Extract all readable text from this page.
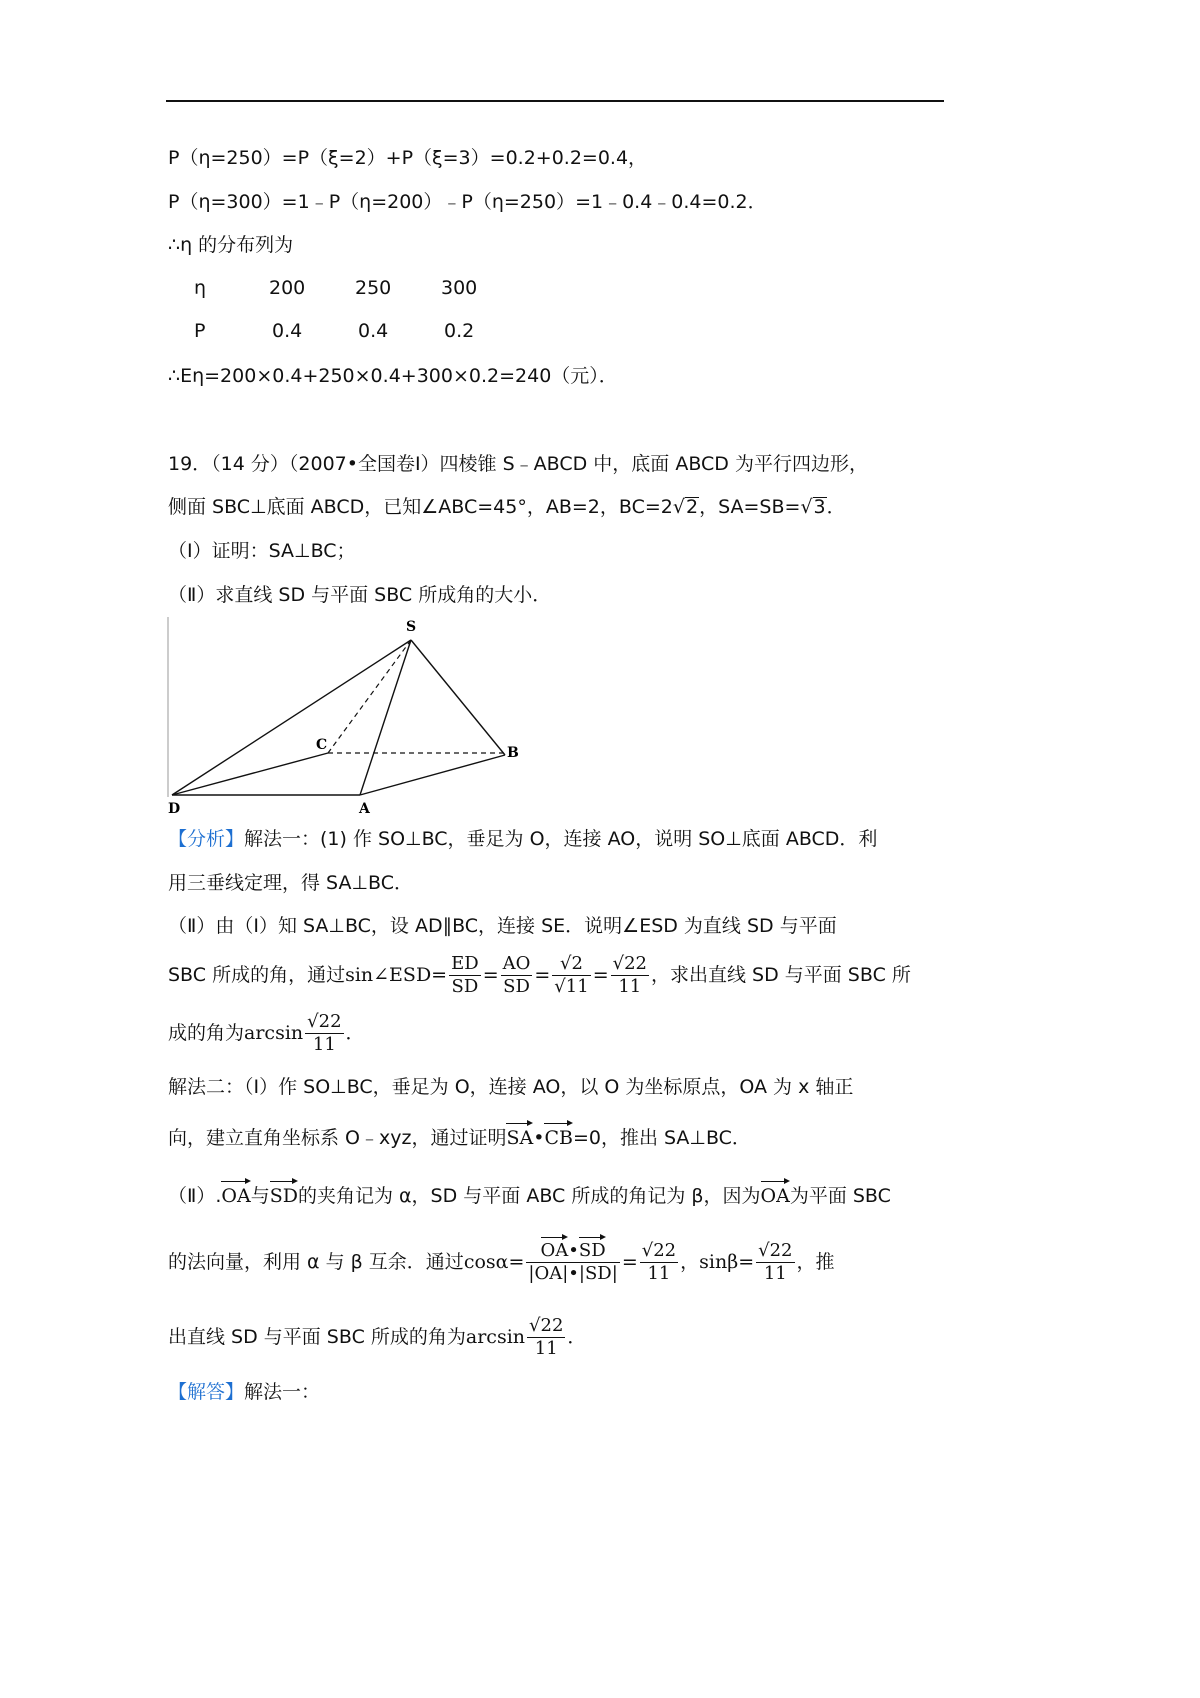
P（η=250）=P（ξ=2）+P（ξ=3）=0.2+0.2=0.4，
P（η=300）=1﹣P（η=200）﹣P（η=250）=1﹣0.4﹣0.4=0.2．
∴η 的分布列为
η	200	250	300
P	0.4	0.4	0.2
∴Eη=200×0.4+250×0.4+300×0.2=240（元）．
19．（14 分）（2007•全国卷Ⅰ）四棱锥 S﹣ABCD 中，底面 ABCD 为平行四边形，
侧面 SBC⊥底面 ABCD，已知∠ABC=45°，AB=2，BC=2√2，SA=SB=√3．
（Ⅰ）证明：SA⊥BC；
（Ⅱ）求直线 SD 与平面 SBC 所成角的大小．
S
C	B
D	A
【分析】解法一：(1) 作 SO⊥BC，垂足为 O，连接 AO，说明 SO⊥底面 ABCD．利
用三垂线定理，得 SA⊥BC．
（Ⅱ）由（Ⅰ）知 SA⊥BC，设 AD∥BC，连接 SE．说明∠ESD 为直线 SD 与平面
SBC 所成的角，通过sin∠ESD= $\frac{ED}{SD} = \frac{AO}{SD} = \frac{√2}{√11} = \frac{√22}{11}$ ，求出直线 SD 与平面 SBC 所
成的角为$\arcsin \frac{√22}{11}$ ．
解法二：（Ⅰ）作 SO⊥BC，垂足为 O，连接 AO，以 O 为坐标原点，OA 为 x 轴正
向，建立直角坐标系 O﹣xyz，通过证明SA•CB=0，推出 SA⊥BC．
（Ⅱ）.OA与SD的夹角记为 α，SD 与平面 ABC 所成的角记为 β，因为OA为平面 SBC
的法向量，利用 α 与 β 互余．通过$\cos\alpha= \frac{OA•SD}{|OA|•|SD|} = \frac{√22}{11}$ ，$\sin\beta= \frac{√22}{11}$ ，推
出直线 SD 与平面 SBC 所成的角为$\arcsin \frac{√22}{11}$ ．
【解答】解法一：
